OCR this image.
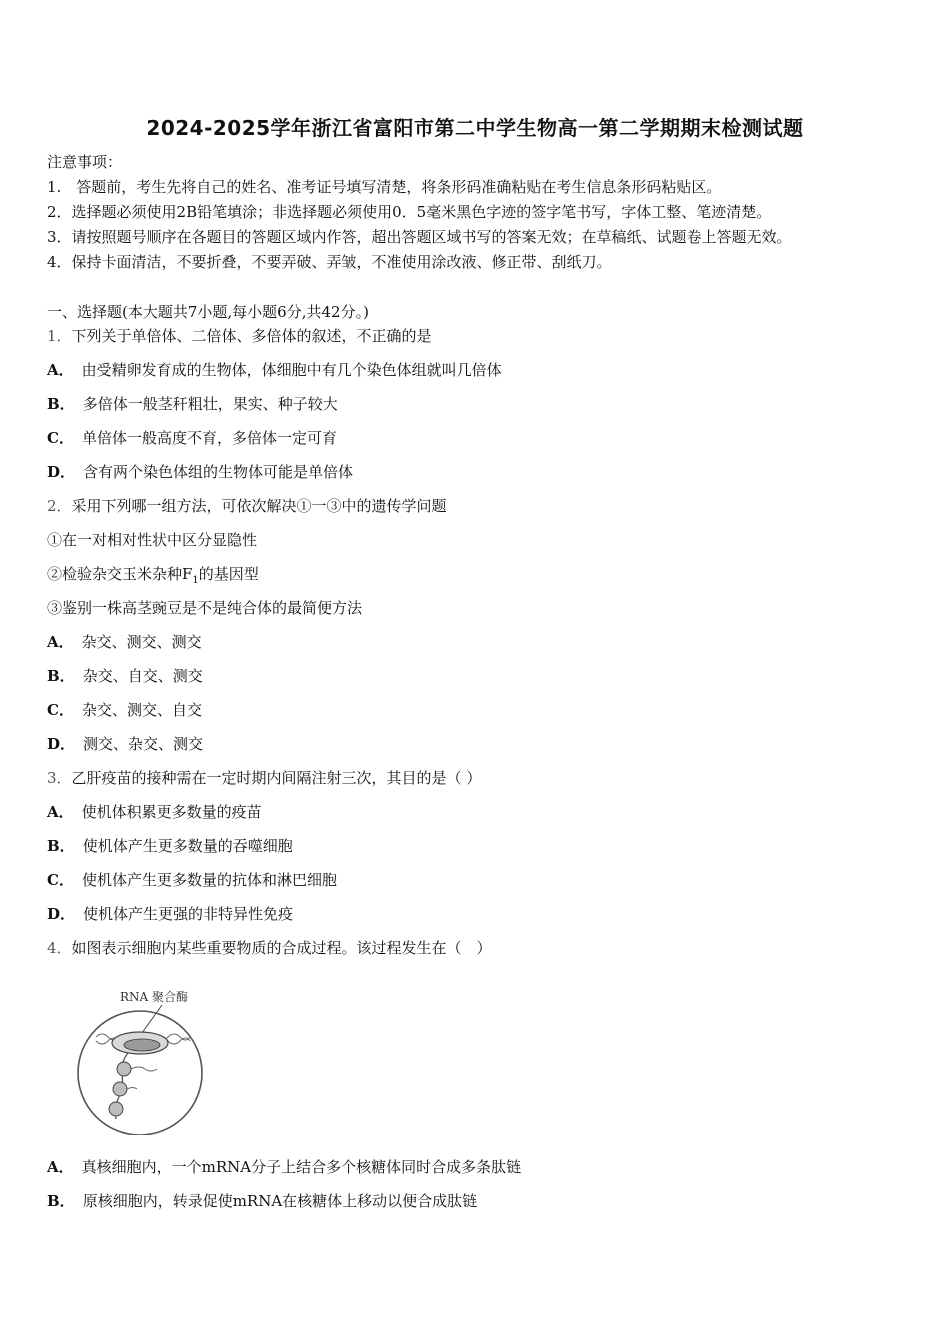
2024-2025学年浙江省富阳市第二中学生物高一第二学期期末检测试题
注意事项：
1.　答题前，考生先将自己的姓名、准考证号填写清楚，将条形码准确粘贴在考生信息条形码粘贴区。
2．选择题必须使用2B铅笔填涂；非选择题必须使用0．5毫米黑色字迹的签字笔书写，字体工整、笔迹清楚。
3．请按照题号顺序在各题目的答题区域内作答，超出答题区域书写的答案无效；在草稿纸、试题卷上答题无效。
4．保持卡面清洁，不要折叠，不要弄破、弄皱，不准使用涂改液、修正带、刮纸刀。
一、选择题(本大题共7小题,每小题6分,共42分。)
1．下列关于单倍体、二倍体、多倍体的叙述，不正确的是
A． 由受精卵发育成的生物体，体细胞中有几个染色体组就叫几倍体
B． 多倍体一般茎秆粗壮，果实、种子较大
C． 单倍体一般高度不育，多倍体一定可育
D． 含有两个染色体组的生物体可能是单倍体
2．采用下列哪一组方法，可依次解决①一③中的遗传学问题
①在一对相对性状中区分显隐性
②检验杂交玉米杂种$F_1$的基因型
③鉴别一株高茎豌豆是不是纯合体的最简便方法
A． 杂交、测交、测交
B． 杂交、自交、测交
C． 杂交、测交、自交
D． 测交、杂交、测交
3．乙肝疫苗的接种需在一定时期内间隔注射三次，其目的是（ ）
A． 使机体积累更多数量的疫苗
B． 使机体产生更多数量的吞噬细胞
C． 使机体产生更多数量的抗体和淋巴细胞
D． 使机体产生更强的非特异性免疫
4．如图表示细胞内某些重要物质的合成过程。该过程发生在（　）
RNA 聚合酶
A． 真核细胞内，一个mRNA分子上结合多个核糖体同时合成多条肽链
B． 原核细胞内，转录促使mRNA在核糖体上移动以便合成肽链
